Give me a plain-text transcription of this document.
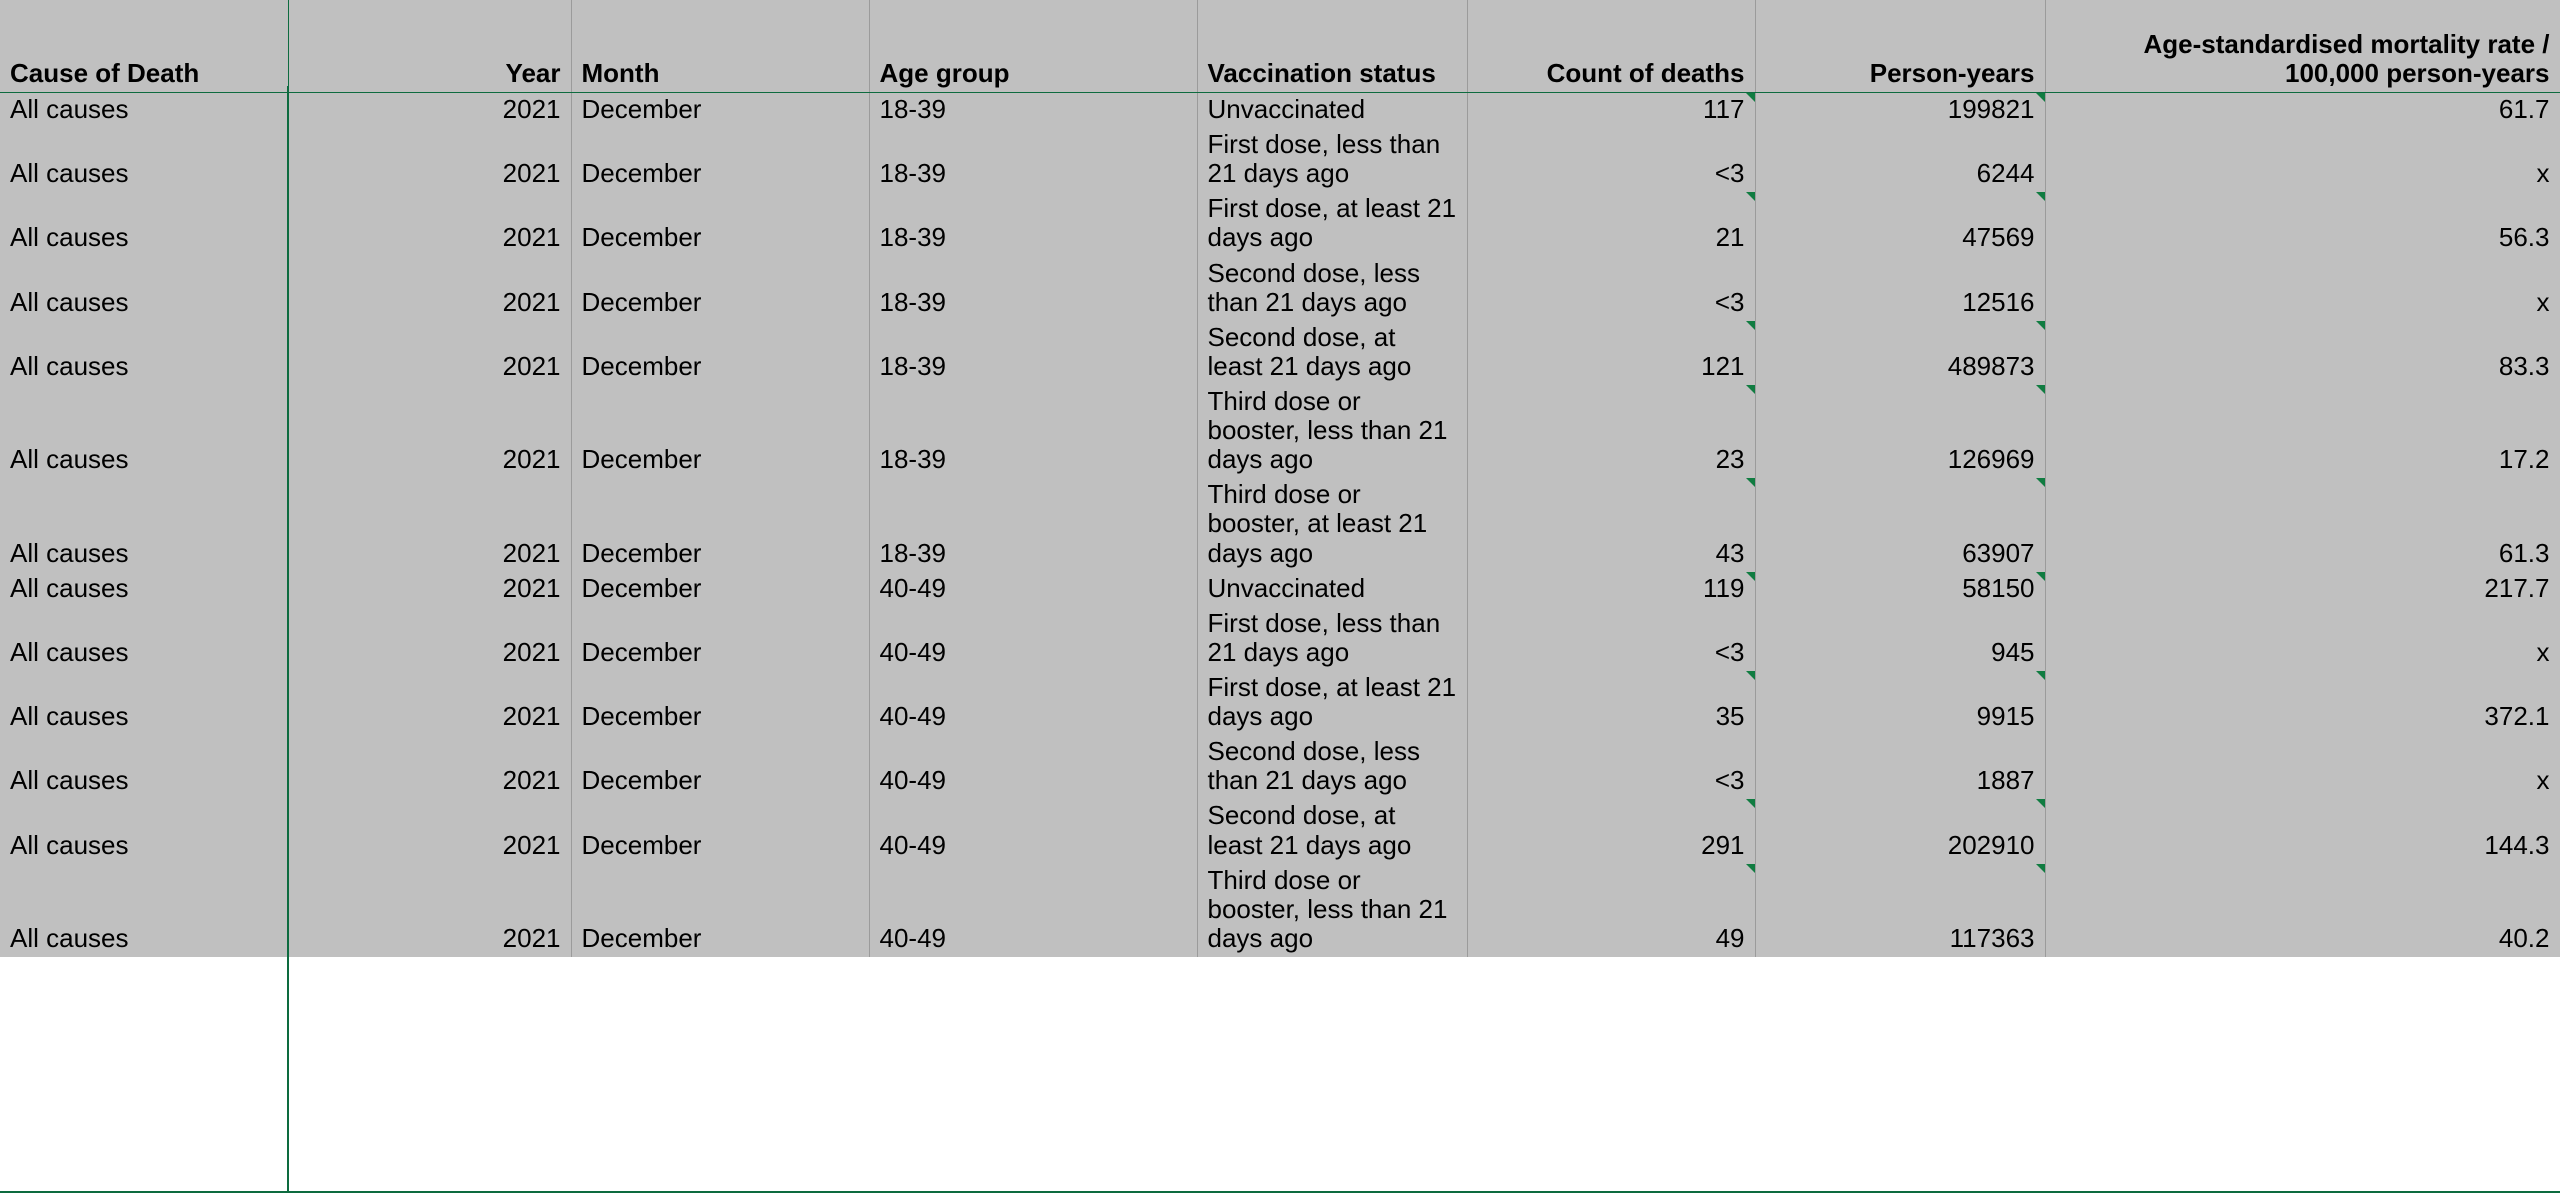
Cause of Death	Year	Month	Age group	Vaccination status	Count of deaths	Person-years	Age-standardised mortality rate / 100,000 person-years
All causes	2021	December	18-39	Unvaccinated	117	199821	61.7
All causes	2021	December	18-39	First dose, less than 21 days ago	<3	6244	x
All causes	2021	December	18-39	First dose, at least 21 days ago	21	47569	56.3
All causes	2021	December	18-39	Second dose, less than 21 days ago	<3	12516	x
All causes	2021	December	18-39	Second dose, at least 21 days ago	121	489873	83.3
All causes	2021	December	18-39	Third dose or booster, less than 21 days ago	23	126969	17.2
All causes	2021	December	18-39	Third dose or booster, at least 21 days ago	43	63907	61.3
All causes	2021	December	40-49	Unvaccinated	119	58150	217.7
All causes	2021	December	40-49	First dose, less than 21 days ago	<3	945	x
All causes	2021	December	40-49	First dose, at least 21 days ago	35	9915	372.1
All causes	2021	December	40-49	Second dose, less than 21 days ago	<3	1887	x
All causes	2021	December	40-49	Second dose, at least 21 days ago	291	202910	144.3
All causes	2021	December	40-49	Third dose or booster, less than 21 days ago	49	117363	40.2
